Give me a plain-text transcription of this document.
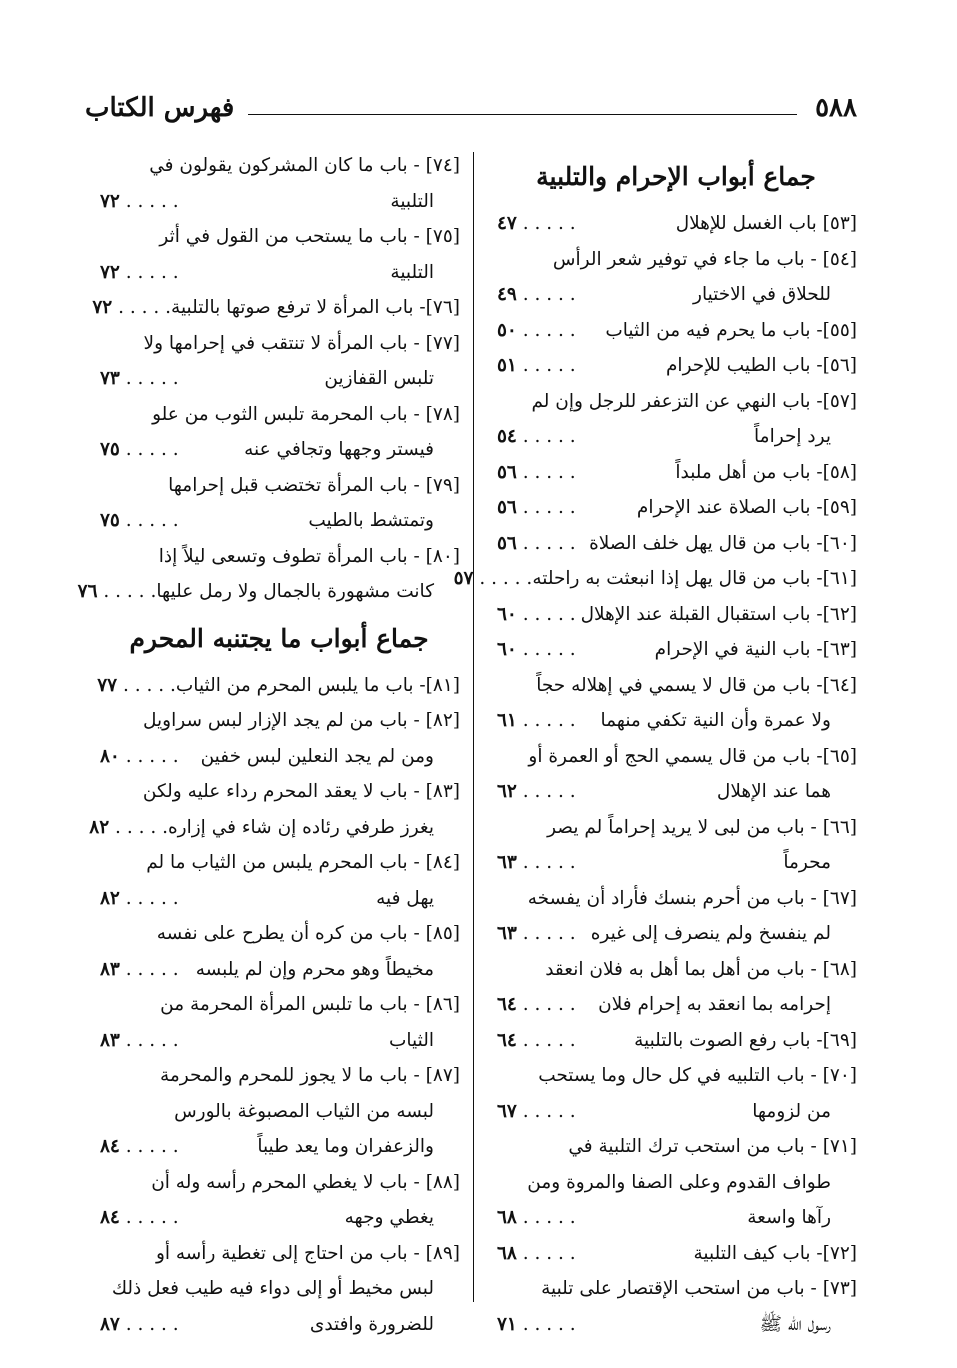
٥٨٨
فهرس الكتاب
جماع أبواب الإحرام والتلبية
[٥٣] باب الغسل للإهلال
. . . ٤٧
[٥٤] - باب ما جاء في توفير شعر الرأس
للحلاق في الاختيار
. . . ٤٩
[٥٥]- باب ما يحرم فيه من الثياب
. . . ٥٠
[٥٦]- باب الطيب للإحرام
. . . ٥١
[٥٧]- باب النهي عن التزعفر للرجل وإن لم
يرد إحراماً
. . . ٥٤
[٥٨]- باب من أهل ملبداً
. . . ٥٦
[٥٩]- باب الصلاة عند الإحرام
. . . ٥٦
[٦٠]- باب من قال يهل خلف الصلاة
. . . ٥٦
[٦١]- باب من قال يهل إذا انبعثت به راحلته
. . . ٥٧
[٦٢]- باب استقبال القبلة عند الإهلال
. . . ٦٠
[٦٣]- باب النية في الإحرام
. . . ٦٠
[٦٤]- باب من قال لا يسمي في إهلاله حجاً
ولا عمرة وأن النية تكفي منهما
. . . ٦١
[٦٥]- باب من قال يسمي الحج أو العمرة أو
هما عند الإهلال
. . . ٦٢
[٦٦] - باب من لبى لا يريد إحراماً لم يصر
محرماً
. . . ٦٣
[٦٧] - باب من أحرم بنسك فأراد أن يفسخه
لم ينفسخ ولم ينصرف إلى غيره
. . . ٦٣
[٦٨] - باب من أهل بما أهل به فلان انعقد
إحرامه بما انعقد به إحرام فلان
. . . ٦٤
[٦٩]- باب رفع الصوت بالتلبية
. . . ٦٤
[٧٠] - باب التلبيه في كل حال وما يستحب
من لزومها
. . . ٦٧
[٧١] - باب من استحب ترك التلبية في
طواف القدوم وعلى الصفا والمروة ومن
رآها واسعة
. . . ٦٨
[٧٢]- باب كيف التلبية
. . . ٦٨
[٧٣] - باب من استحب الإقتصار على تلبية
رسول الله ﷺ
. . . ٧١
[٧٤] - باب ما كان المشركون يقولون في
التلبية
. . . ٧٢
[٧٥] - باب ما يستحب من القول في أثر
التلبية
. . . ٧٢
[٧٦]- باب المرأة لا ترفع صوتها بالتلبية
. . . ٧٢
[٧٧] - باب المرأة لا تنتقب في إحرامها ولا
تلبس القفازين
. . . ٧٣
[٧٨] - باب المحرمة تلبس الثوب من علو
فيستر وجهها وتجافي عنه
. . . ٧٥
[٧٩] - باب المرأة تختضب قبل إحرامها
وتمتشط بالطيب
. . . ٧٥
[٨٠] - باب المرأة تطوف وتسعى ليلاً إذا
كانت مشهورة بالجمال ولا رمل عليها
. . . ٧٦
جماع أبواب ما يجتنبه المحرم
[٨١]- باب ما يلبس المحرم من الثياب
. . . ٧٧
[٨٢] - باب من لم يجد الإزار لبس سراويل
ومن لم يجد النعلين لبس خفين
. . . ٨٠
[٨٣] - باب لا يعقد المحرم رداء عليه ولكن
يغرز طرفي رئاده إن شاء في إزاره
. . . ٨٢
[٨٤] - باب المحرم يلبس من الثياب ما لم
يهل فيه
. . . ٨٢
[٨٥] - باب من كره أن يطرح على نفسه
مخيطاً وهو محرم وإن لم يلبسه
. . . ٨٣
[٨٦] - باب ما تلبس المرأة المحرمة من
الثياب
. . . ٨٣
[٨٧] - باب ما لا يجوز للمحرم والمحرمة
لبسه من الثياب المصبوغة بالورس
والزعفران وما يعد طيباً
. . . ٨٤
[٨٨] - باب لا يغطي المحرم رأسه وله أن
يغطي وجهه
. . . ٨٤
[٨٩] - باب من احتاج إلى تغطية رأسه أو
لبس مخيط أو إلى دواء فيه طيب فعل ذلك
للضرورة وافتدى
. . . ٨٧
